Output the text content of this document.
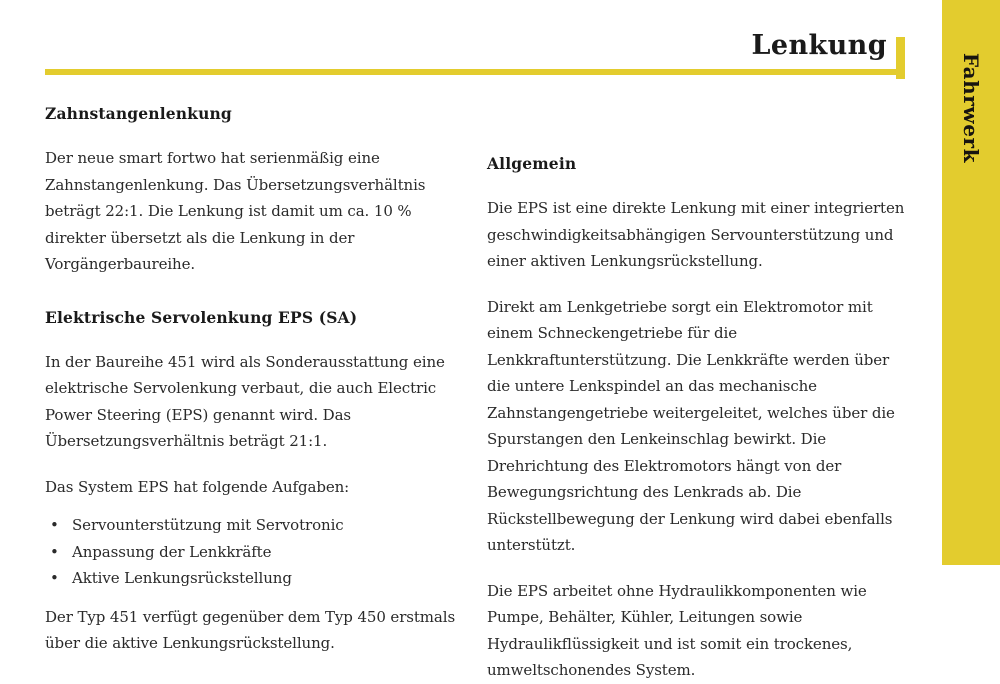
Fahrwerk
Lenkung
Zahnstangenlenkung

Der neue smart fortwo hat serienmäßig eine Zahnstangenlenkung. Das Übersetzungsverhältnis beträgt 22:1. Die Lenkung ist damit um ca. 10 % direkter übersetzt als die Lenkung in der Vorgängerbaureihe.

Elektrische Servolenkung EPS (SA)

In der Baureihe 451 wird als Sonderausstattung eine elektrische Servolenkung verbaut, die auch Electric Power Steering (EPS) genannt wird. Das Übersetzungsverhältnis beträgt 21:1.

Das System EPS hat folgende Aufgaben:

• Servounterstützung mit Servotronic
• Anpassung der Lenkkräfte
• Aktive Lenkungsrückstellung

Der Typ 451 verfügt gegenüber dem Typ 450 erstmals über die aktive Lenkungsrückstellung.

Allgemein

Die EPS ist eine direkte Lenkung mit einer integrierten geschwindigkeitsabhängigen Servounterstützung und einer aktiven Lenkungsrückstellung.

Direkt am Lenkgetriebe sorgt ein Elektromotor mit einem Schneckengetriebe für die Lenkkraftunterstützung. Die Lenkkräfte werden über die untere Lenkspindel an das mechanische Zahnstangengetriebe weitergeleitet, welches über die Spurstangen den Lenkeinschlag bewirkt. Die Drehrichtung des Elektromotors hängt von der Bewegungsrichtung des Lenkrads ab. Die Rückstellbewegung der Lenkung wird dabei ebenfalls unterstützt.

Die EPS arbeitet ohne Hydraulikkomponenten wie Pumpe, Behälter, Kühler, Leitungen sowie Hydraulikflüssigkeit und ist somit ein trockenes, umweltschonendes System.
